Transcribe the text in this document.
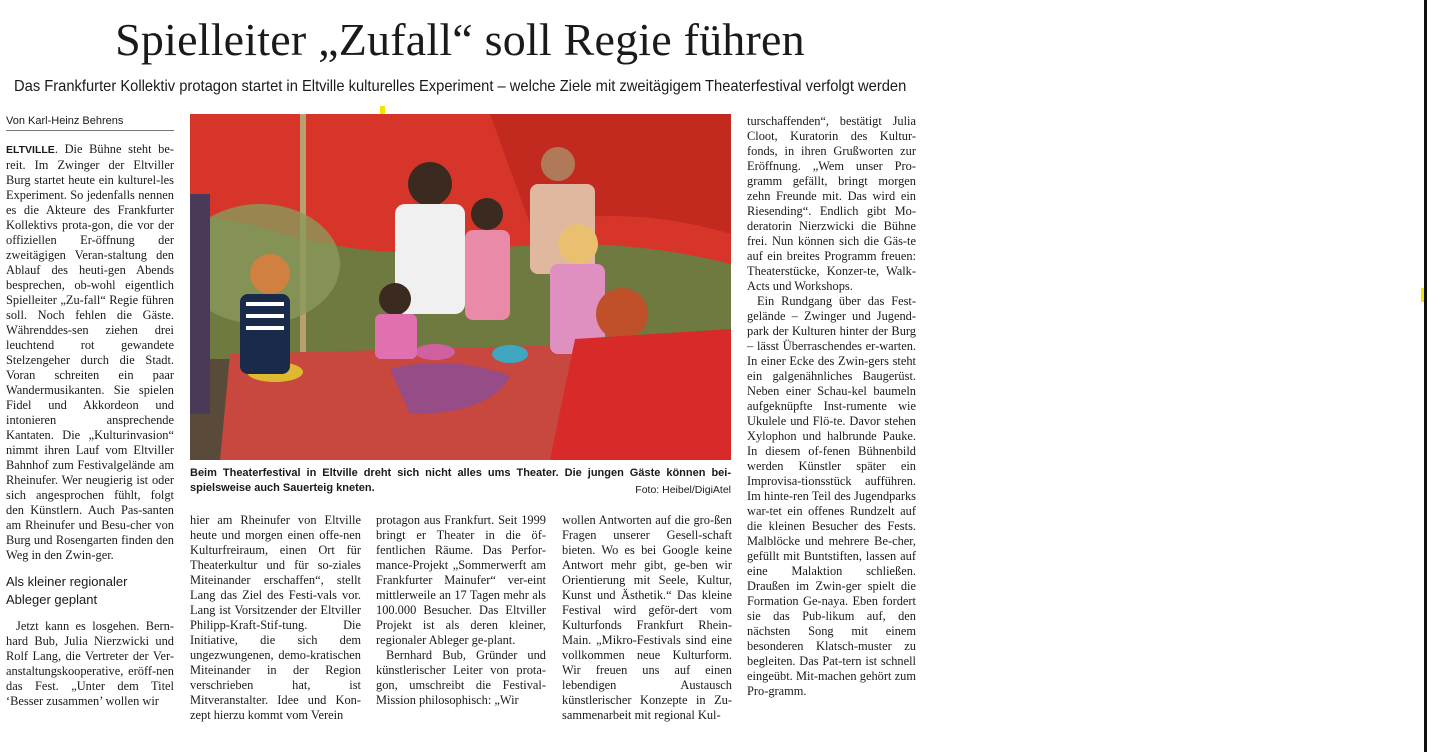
Spielleiter „Zufall“ soll Regie führen
Das Frankfurter Kollektiv protagon startet in Eltville kulturelles Experiment – welche Ziele mit zweitägigem Theaterfestival verfolgt werden
Von Karl-Heinz Behrens

ELTVILLE. Die Bühne steht be-reit. Im Zwinger der Eltviller Burg startet heute ein kulturel-les Experiment. So jedenfalls nennen es die Akteure des Frankfurter Kollektivs prota-gon, die vor der offiziellen Er-öffnung der zweitägigen Veran-staltung den Ablauf des heuti-gen Abends besprechen, ob-wohl eigentlich Spielleiter „Zu-fall“ Regie führen soll. Noch fehlen die Gäste. Währenddes-sen ziehen drei leuchtend rot gewandete Stelzengeher durch die Stadt. Voran schreiten ein paar Wandermusikanten. Sie spielen Fidel und Akkordeon und intonieren ansprechende Kantaten. Die „Kulturinvasion“ nimmt ihren Lauf vom Eltviller Bahnhof zum Festivalgelände am Rheinufer. Wer neugierig ist oder sich angesprochen fühlt, folgt den Künstlern. Auch Pas-santen am Rheinufer und Besu-cher von Burg und Rosengarten finden den Weg in den Zwin-ger.

Als kleiner regionaler Ableger geplant

Jetzt kann es losgehen. Bern-hard Bub, Julia Nierzwicki und Rolf Lang, die Vertreter der Ver-anstaltungskooperative, eröff-nen das Fest. „Unter dem Titel ‘Besser zusammen’ wollen wir

Beim Theaterfestival in Eltville dreht sich nicht alles ums Theater. Die jungen Gäste können bei-spielsweise auch Sauerteig kneten.	Foto: Heibel/DigiAtel

hier am Rheinufer von Eltville heute und morgen einen offe-nen Kulturfreiraum, einen Ort für Theaterkultur und für so-ziales Miteinander erschaffen“, stellt Lang das Ziel des Festi-vals vor. Lang ist Vorsitzender der Eltviller Philipp-Kraft-Stif-tung. Die Initiative, die sich dem ungezwungenen, demo-kratischen Miteinander in der Region verschrieben hat, ist Mitveranstalter. Idee und Kon-zept hierzu kommt vom Verein

protagon aus Frankfurt. Seit 1999 bringt er Theater in die öf-fentlichen Räume. Das Perfor-mance-Projekt „Sommerwerft am Frankfurter Mainufer“ ver-eint mittlerweile an 17 Tagen mehr als 100.000 Besucher. Das Eltviller Projekt ist als deren kleiner, regionaler Ableger ge-plant.

Bernhard Bub, Gründer und künstlerischer Leiter von prota-gon, umschreibt die Festival-Mission philosophisch: „Wir

wollen Antworten auf die gro-ßen Fragen unserer Gesell-schaft bieten. Wo es bei Google keine Antwort mehr gibt, ge-ben wir Orientierung mit Seele, Kultur, Kunst und Ästhetik.“ Das kleine Festival wird geför-dert vom Kulturfonds Frankfurt Rhein-Main. „Mikro-Festivals sind eine vollkommen neue Kulturform. Wir freuen uns auf einen lebendigen Austausch künstlerischer Konzepte in Zu-sammenarbeit mit regional Kul-

turschaffenden“, bestätigt Julia Cloot, Kuratorin des Kultur-fonds, in ihren Grußworten zur Eröffnung. „Wem unser Pro-gramm gefällt, bringt morgen zehn Freunde mit. Das wird ein Riesending“. Endlich gibt Mo-deratorin Nierzwicki die Bühne frei. Nun können sich die Gäs-te auf ein breites Programm freuen: Theaterstücke, Konzer-te, Walk-Acts und Workshops.

Ein Rundgang über das Fest-gelände – Zwinger und Jugend-park der Kulturen hinter der Burg – lässt Überraschendes er-warten. In einer Ecke des Zwin-gers steht ein galgenähnliches Baugerüst. Neben einer Schau-kel baumeln aufgeknüpfte Inst-rumente wie Ukulele und Flö-te. Davor stehen Xylophon und halbrunde Pauke. In diesem of-fenen Bühnenbild werden Künstler später ein Improvisa-tionsstück aufführen. Im hinte-ren Teil des Jugendparks war-tet ein offenes Rundzelt auf die kleinen Besucher des Fests. Malblöcke und mehrere Be-cher, gefüllt mit Buntstiften, lassen auf eine Malaktion schließen. Draußen im Zwin-ger spielt die Formation Ge-naya. Eben fordert sie das Pub-likum auf, den nächsten Song mit einem besonderen Klatsch-muster zu begleiten. Das Pat-tern ist schnell eingeübt. Mit-machen gehört zum Pro-gramm.
